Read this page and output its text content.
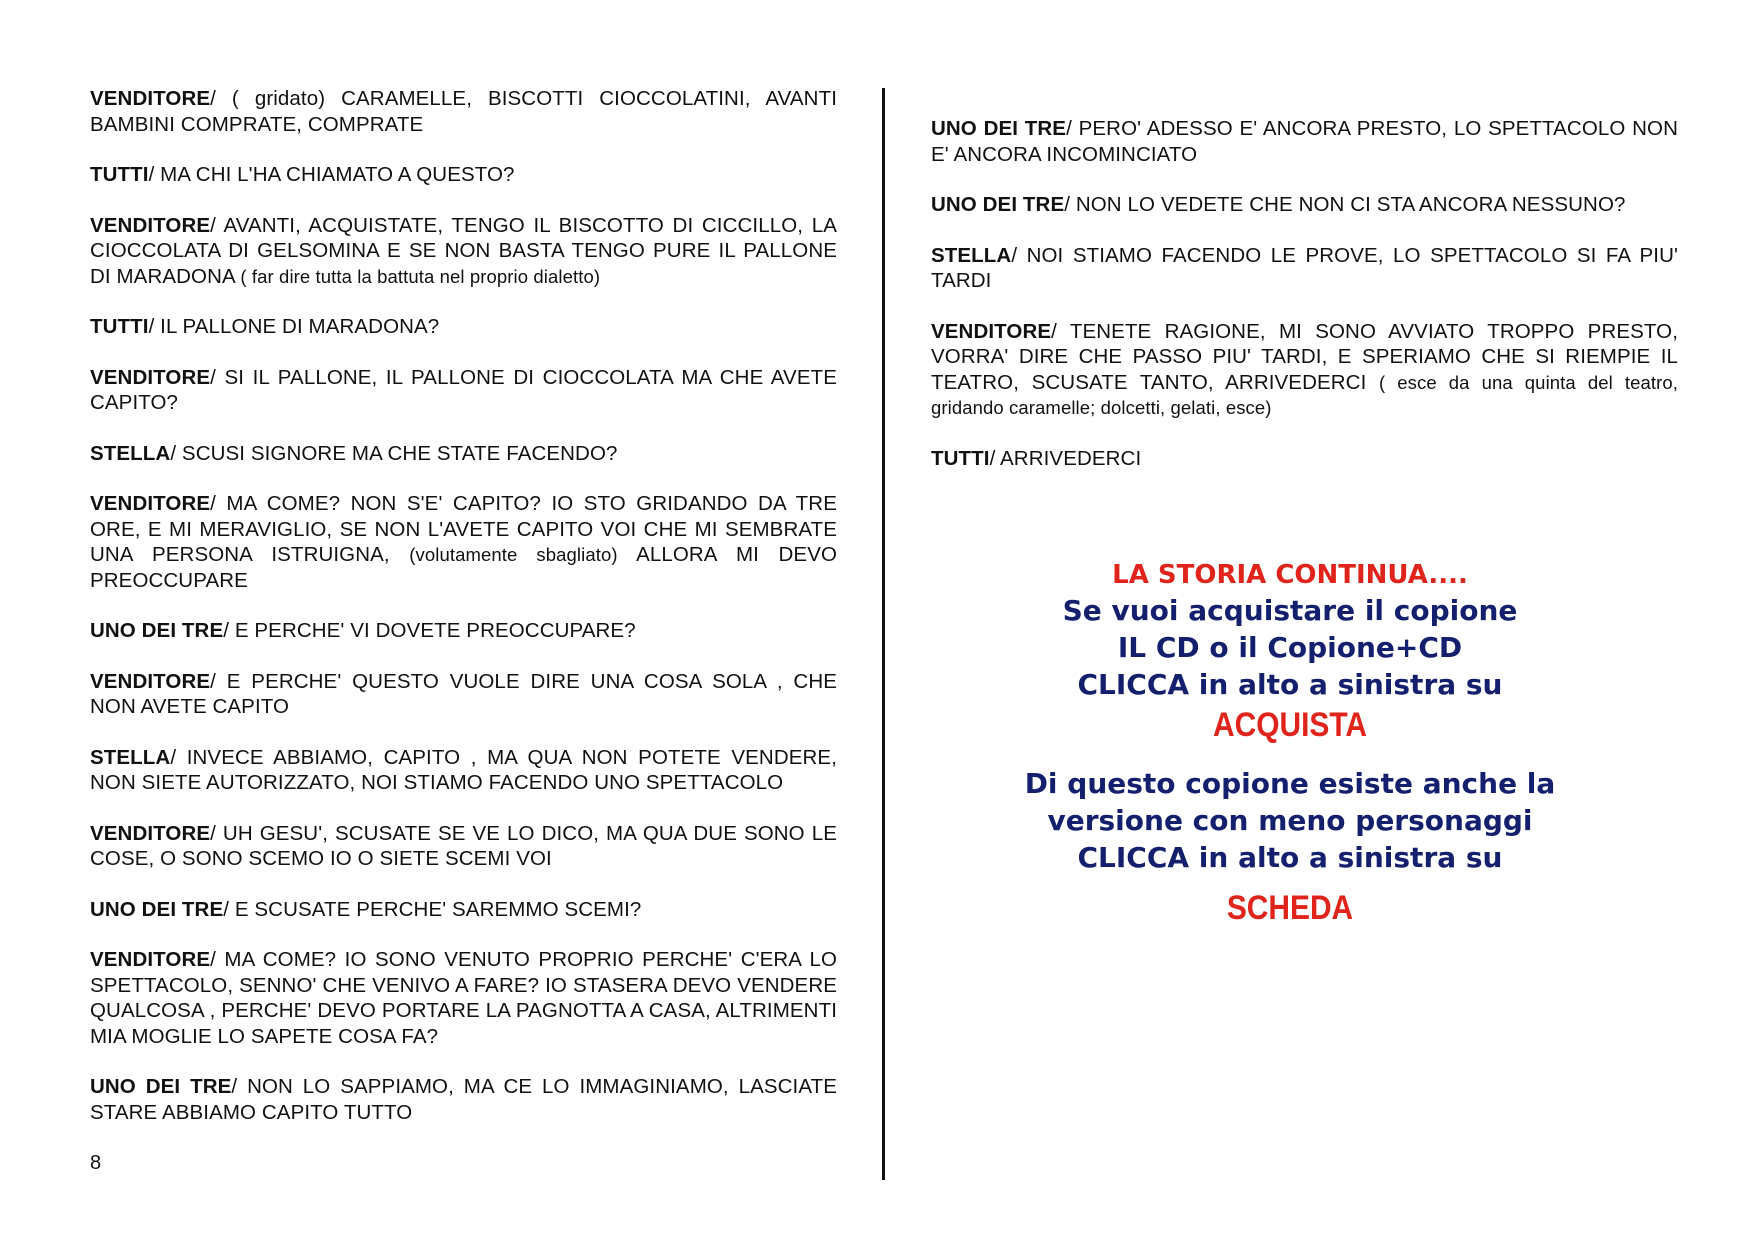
VENDITORE/ ( gridato) CARAMELLE, BISCOTTI CIOCCOLATINI, AVANTI BAMBINI COMPRATE, COMPRATE

TUTTI/ MA CHI L'HA CHIAMATO A QUESTO?

VENDITORE/ AVANTI, ACQUISTATE, TENGO IL BISCOTTO DI CICCILLO, LA CIOCCOLATA DI GELSOMINA E SE NON BASTA TENGO PURE IL PALLONE DI MARADONA ( far dire tutta la battuta nel proprio dialetto)

TUTTI/ IL PALLONE DI MARADONA?

VENDITORE/ SI IL PALLONE, IL PALLONE DI CIOCCOLATA MA CHE AVETE CAPITO?

STELLA/ SCUSI SIGNORE MA CHE STATE FACENDO?

VENDITORE/ MA COME? NON S'E' CAPITO? IO STO GRIDANDO DA TRE ORE, E MI MERAVIGLIO, SE NON L'AVETE CAPITO VOI CHE MI SEMBRATE UNA PERSONA ISTRUIGNA, (volutamente sbagliato) ALLORA MI DEVO PREOCCUPARE

UNO DEI TRE/ E PERCHE' VI DOVETE PREOCCUPARE?

VENDITORE/ E PERCHE' QUESTO VUOLE DIRE UNA COSA SOLA , CHE NON AVETE CAPITO

STELLA/ INVECE ABBIAMO, CAPITO , MA QUA NON POTETE VENDERE, NON SIETE AUTORIZZATO, NOI STIAMO FACENDO UNO SPETTACOLO

VENDITORE/ UH GESU', SCUSATE SE VE LO DICO, MA QUA DUE SONO LE COSE, O SONO SCEMO IO O SIETE SCEMI VOI

UNO DEI TRE/ E SCUSATE PERCHE' SAREMMO SCEMI?

VENDITORE/ MA COME? IO SONO VENUTO PROPRIO PERCHE' C'ERA LO SPETTACOLO, SENNO' CHE VENIVO A FARE? IO STASERA DEVO VENDERE QUALCOSA , PERCHE' DEVO PORTARE LA PAGNOTTA A CASA, ALTRIMENTI MIA MOGLIE LO SAPETE COSA FA?

UNO DEI TRE/ NON LO SAPPIAMO, MA CE LO IMMAGINIAMO, LASCIATE STARE ABBIAMO CAPITO TUTTO

UNO DEI TRE/ PERO' ADESSO E' ANCORA PRESTO, LO SPETTACOLO NON E' ANCORA INCOMINCIATO

UNO DEI TRE/ NON LO VEDETE CHE NON CI STA ANCORA NESSUNO?

STELLA/ NOI STIAMO FACENDO LE PROVE, LO SPETTACOLO SI FA PIU' TARDI

VENDITORE/ TENETE RAGIONE, MI SONO AVVIATO TROPPO PRESTO, VORRA' DIRE CHE PASSO PIU' TARDI, E SPERIAMO CHE SI RIEMPIE IL TEATRO, SCUSATE TANTO, ARRIVEDERCI ( esce da una quinta del teatro, gridando caramelle; dolcetti, gelati, esce)

TUTTI/ ARRIVEDERCI

8
LA STORIA CONTINUA....
Se vuoi acquistare il copione
IL CD o il Copione+CD
CLICCA in alto a sinistra su
ACQUISTA
Di questo copione esiste anche la
versione con meno personaggi
CLICCA in alto a sinistra su
SCHEDA
